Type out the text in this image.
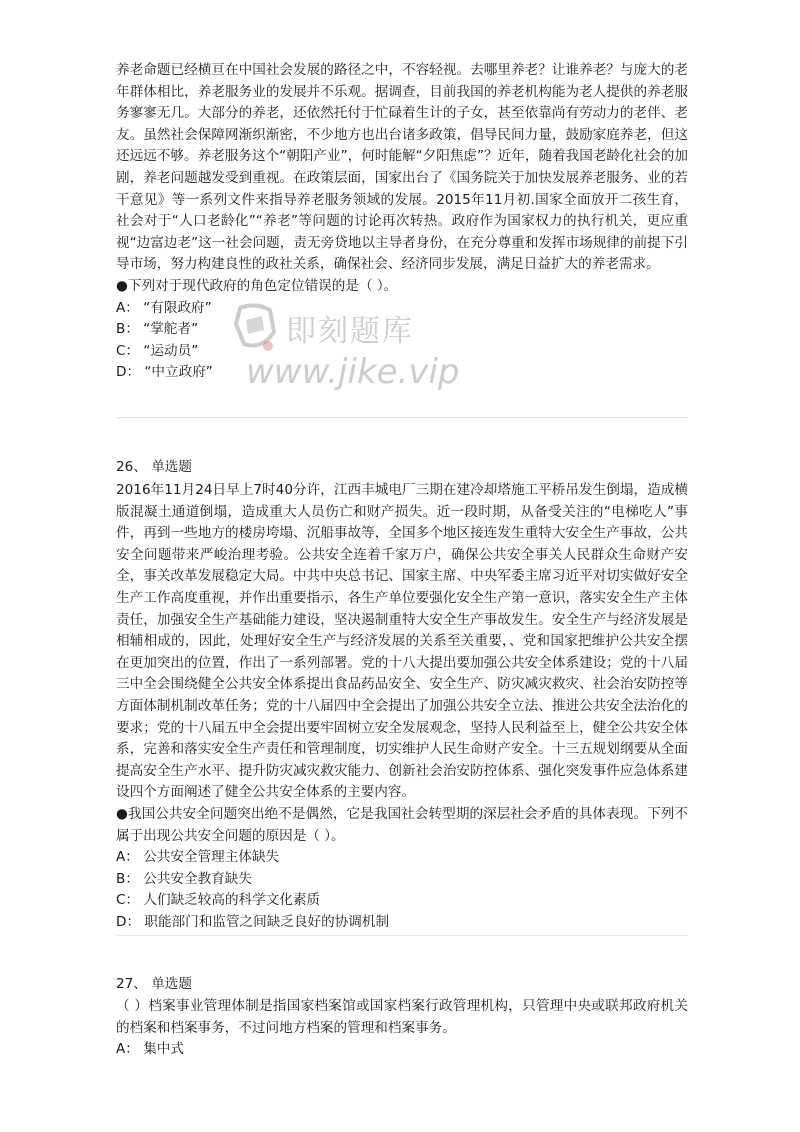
养老命题已经横亘在中国社会发展的路径之中，不容轻视。去哪里养老？让谁养老？与庞大的老年群体相比，养老服务业的发展并不乐观。据调查，目前我国的养老机构能为老人提供的养老服务寥寥无几。大部分的养老，还依然托付于忙碌着生计的子女，甚至依靠尚有劳动力的老伴、老友。虽然社会保障网渐织渐密，不少地方也出台诸多政策，倡导民间力量，鼓励家庭养老，但这还远远不够。养老服务这个“朝阳产业”，何时能解“夕阳焦虑”？近年，随着我国老龄化社会的加剧，养老问题越发受到重视。在政策层面，国家出台了《国务院关于加快发展养老服务、业的若干意见》等一系列文件来指导养老服务领域的发展。2015年11月初.国家全面放开二孩生育，社会对于“人口老龄化”“养老”等问题的讨论再次转热。政府作为国家权力的执行机关，更应重视“边富边老”这一社会问题，责无旁贷地以主导者身份，在充分尊重和发挥市场规律的前提下引导市场，努力构建良性的政社关系，确保社会、经济同步发展，满足日益扩大的养老需求。

●下列对于现代政府的角色定位错误的是（ ）。

A： “有限政府”

B： “掌舵者”

C： “运动员”

D： “中立政府”

26、 单选题

2016年11月24日早上7时40分许，江西丰城电厂三期在建冷却塔施工平桥吊发生倒塌，造成横版混凝土通道倒塌，造成重大人员伤亡和财产损失。近一段时期，从备受关注的“电梯吃人”事件，再到一些地方的楼房垮塌、沉船事故等，全国多个地区接连发生重特大安全生产事故，公共安全问题带来严峻治理考验。公共安全连着千家万户，确保公共安全事关人民群众生命财产安全，事关改革发展稳定大局。中共中央总书记、国家主席、中央军委主席习近平对切实做好安全生产工作高度重视，并作出重要指示，各生产单位要强化安全生产第一意识，落实安全生产主体责任，加强安全生产基础能力建设，坚决遏制重特大安全生产事故发生。安全生产与经济发展是相辅相成的，因此，处理好安全生产与经济发展的关系至关重要，、党和国家把维护公共安全摆在更加突出的位置，作出了一系列部署。党的十八大提出要加强公共安全体系建设；党的十八届三中全会围绕健全公共安全体系提出食品药品安全、安全生产、防灾减灾救灾、社会治安防控等方面体制机制改革任务；党的十八届四中全会提出了加强公共安全立法、推进公共安全法治化的要求；党的十八届五中全会提出要牢固树立安全发展观念，坚持人民利益至上，健全公共安全体系，完善和落实安全生产责任和管理制度，切实维护人民生命财产安全。十三五规划纲要从全面提高安全生产水平、提升防灾减灾救灾能力、创新社会治安防控体系、强化突发事件应急体系建设四个方面阐述了健全公共安全体系的主要内容。

●我国公共安全问题突出绝不是偶然，它是我国社会转型期的深层社会矛盾的具体表现。下列不属于出现公共安全问题的原因是（ ）。

A： 公共安全管理主体缺失

B： 公共安全教育缺失

C： 人们缺乏较高的科学文化素质

D： 职能部门和监管之间缺乏良好的协调机制

27、 单选题

（ ）档案事业管理体制是指国家档案馆或国家档案行政管理机构，只管理中央或联邦政府机关的档案和档案事务，不过问地方档案的管理和档案事务。

A： 集中式

即刻题库
www.jike.vip
